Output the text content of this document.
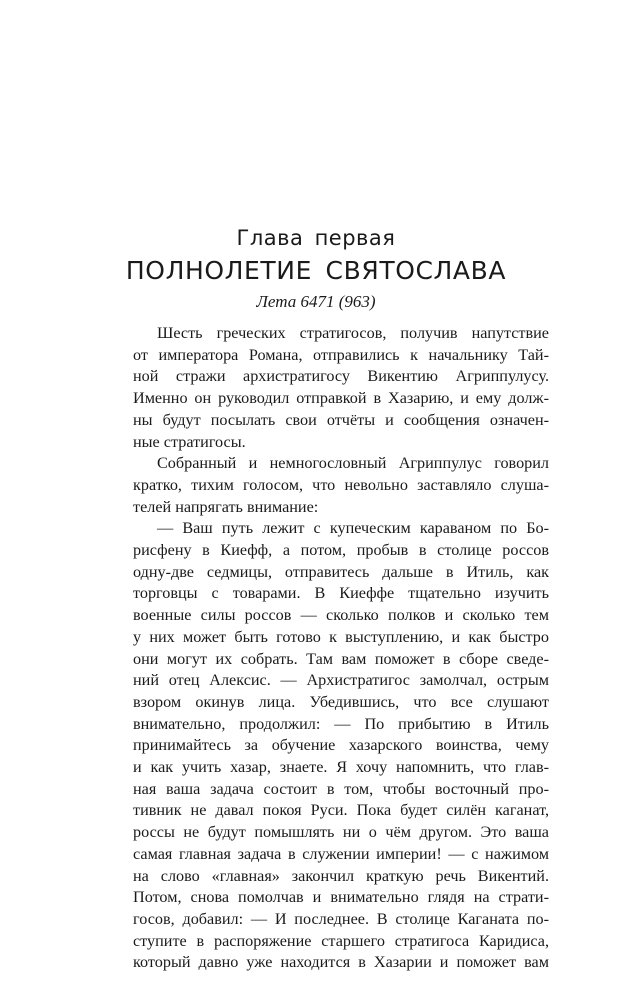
Глава первая
ПОЛНОЛЕТИЕ СВЯТОСЛАВА
Лета 6471 (963)
Шесть греческих стратигосов, получив напутствие
от императора Романа, отправились к начальнику Тай-
ной стражи архистратигосу Викентию Агриппулусу.
Именно он руководил отправкой в Хазарию, и ему долж-
ны будут посылать свои отчёты и сообщения означен-
ные стратигосы.
Собранный и немногословный Агриппулус говорил
кратко, тихим голосом, что невольно заставляло слуша-
телей напрягать внимание:
— Ваш путь лежит с купеческим караваном по Бо-
рисфену в Киефф, а потом, пробыв в столице россов
одну-две седмицы, отправитесь дальше в Итиль, как
торговцы с товарами. В Киеффе тщательно изучить
военные силы россов — сколько полков и сколько тем
у них может быть готово к выступлению, и как быстро
они могут их собрать. Там вам поможет в сборе сведе-
ний отец Алексис. — Архистратигос замолчал, острым
взором окинув лица. Убедившись, что все слушают
внимательно, продолжил: — По прибытию в Итиль
принимайтесь за обучение хазарского воинства, чему
и как учить хазар, знаете. Я хочу напомнить, что глав-
ная ваша задача состоит в том, чтобы восточный про-
тивник не давал покоя Руси. Пока будет силён каганат,
россы не будут помышлять ни о чём другом. Это ваша
самая главная задача в служении империи! — с нажимом
на слово «главная» закончил краткую речь Викентий.
Потом, снова помолчав и внимательно глядя на страти-
госов, добавил: — И последнее. В столице Каганата по-
ступите в распоряжение старшего стратигоса Каридиса,
который давно уже находится в Хазарии и поможет вам
